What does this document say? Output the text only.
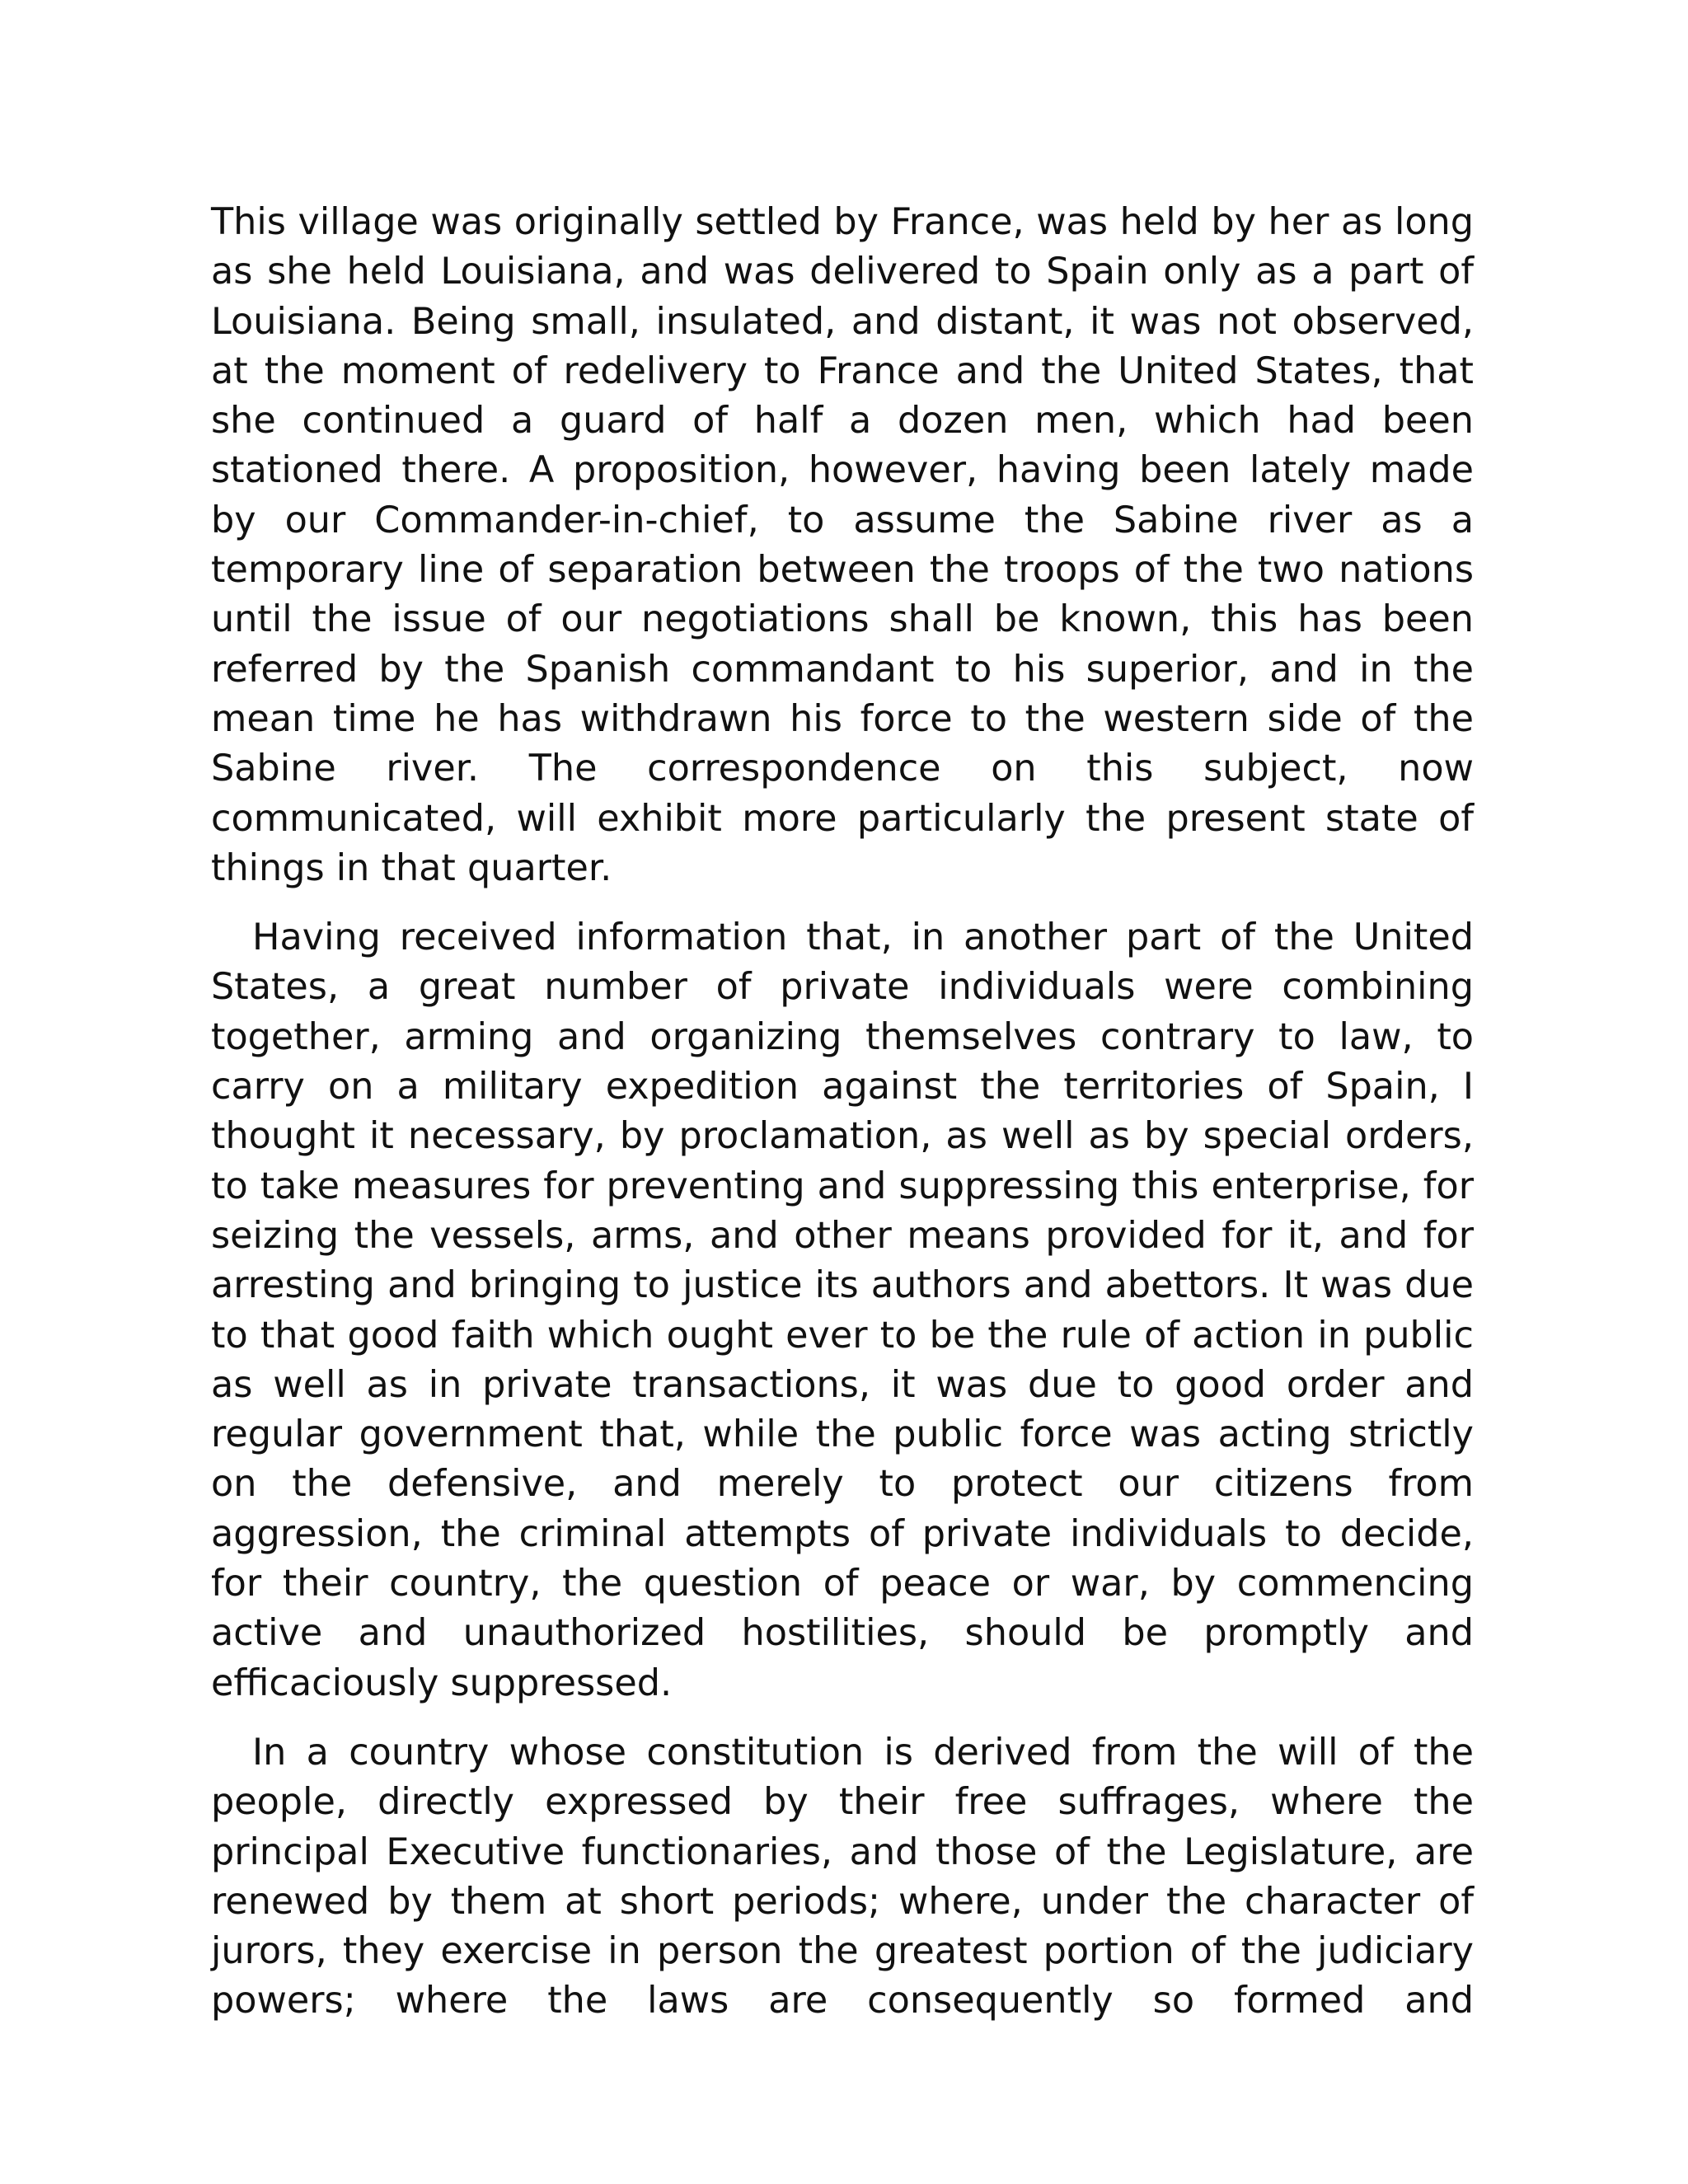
This village was originally settled by France, was held by her as long as she held Louisiana, and was delivered to Spain only as a part of Louisiana. Being small, insulated, and distant, it was not observed, at the moment of redelivery to France and the United States, that she continued a guard of half a dozen men, which had been stationed there. A proposition, however, having been lately made by our Commander-in-chief, to assume the Sabine river as a temporary line of separation between the troops of the two nations until the issue of our negotiations shall be known, this has been referred by the Spanish commandant to his superior, and in the mean time he has withdrawn his force to the western side of the Sabine river. The correspondence on this subject, now communicated, will exhibit more particularly the present state of things in that quarter.

Having received information that, in another part of the United States, a great number of private individuals were combining together, arming and organizing themselves contrary to law, to carry on a military expedition against the territories of Spain, I thought it necessary, by proclamation, as well as by special orders, to take measures for preventing and suppressing this enterprise, for seizing the vessels, arms, and other means provided for it, and for arresting and bringing to justice its authors and abettors. It was due to that good faith which ought ever to be the rule of action in public as well as in private transactions, it was due to good order and regular government that, while the public force was acting strictly on the defensive, and merely to protect our citizens from aggression, the criminal attempts of private individuals to decide, for their country, the question of peace or war, by commencing active and unauthorized hostilities, should be promptly and efficaciously suppressed.

In a country whose constitution is derived from the will of the people, directly expressed by their free suffrages, where the principal Executive functionaries, and those of the Legislature, are renewed by them at short periods; where, under the character of jurors, they exercise in person the greatest portion of the judiciary powers; where the laws are consequently so formed and
